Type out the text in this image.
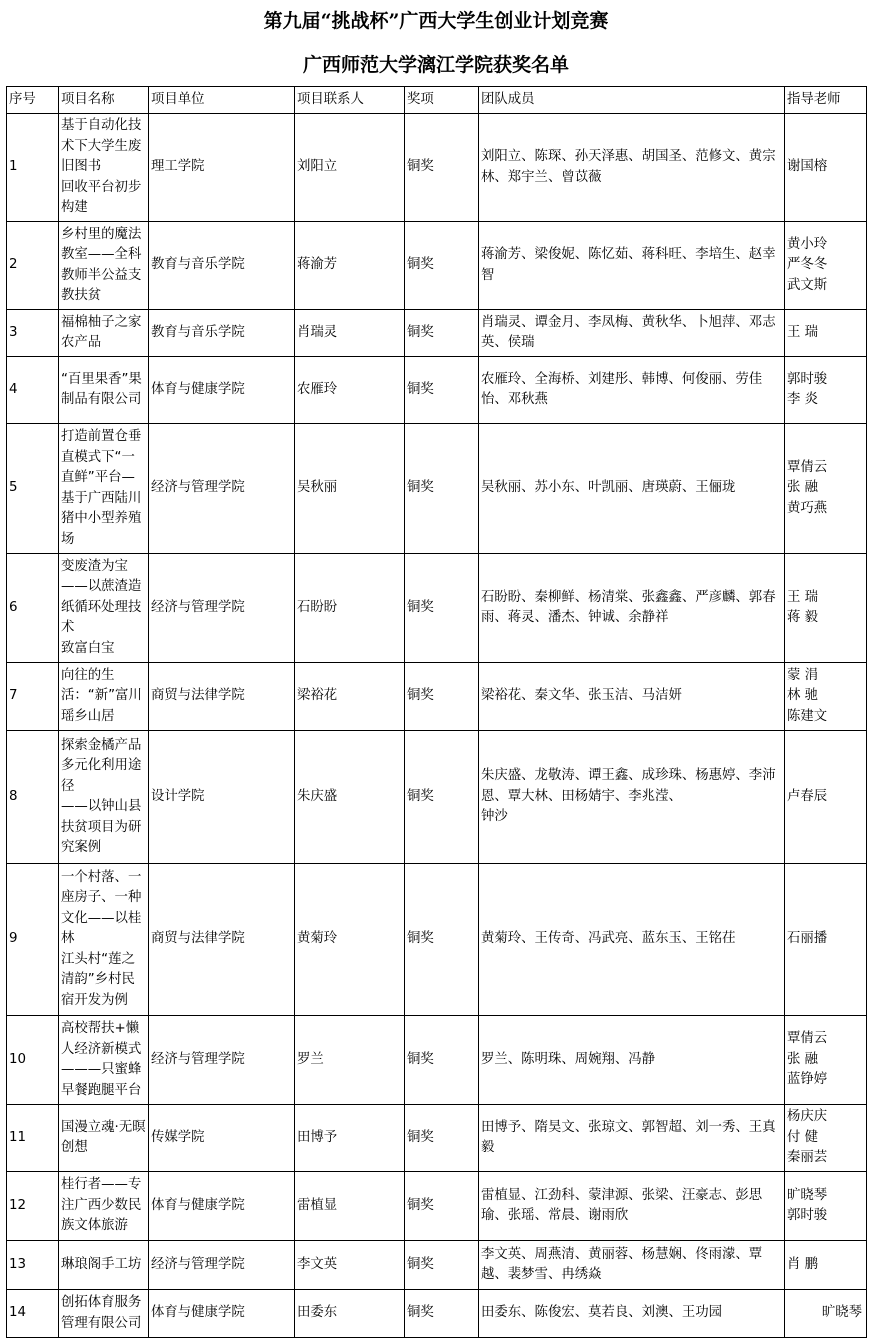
第九届“挑战杯”广西大学生创业计划竞赛
广西师范大学漓江学院获奖名单
序号	项目名称	项目单位	项目联系人	奖项	团队成员	指导老师
1	基于自动化技术下大学生废旧图书
回收平台初步构建	理工学院	刘阳立	铜奖	刘阳立、陈琛、孙天泽惠、胡国圣、范修文、黄宗林、郑宇兰、曾苡薇	谢国榕
2	乡村里的魔法教室——全科教师半公益支教扶贫	教育与音乐学院	蒋渝芳	铜奖	蒋渝芳、梁俊妮、陈忆茹、蒋科旺、李培生、赵幸智	黄小玲
严冬冬
武文斯
3	福棉柚子之家农产品	教育与音乐学院	肖瑞灵	铜奖	肖瑞灵、谭金月、李凤梅、黄秋华、卜旭萍、邓志英、侯瑞	王 瑞
4	“百里果香”果制品有限公司	体育与健康学院	农雁玲	铜奖	农雁玲、全海桥、刘建彤、韩博、何俊丽、劳佳怡、邓秋燕	郭时骏
李 炎
5	打造前置仓垂直模式下“一直鲜”平台—基于广西陆川猪中小型养殖场	经济与管理学院	吴秋丽	铜奖	吴秋丽、苏小东、叶凯丽、唐瑛蔚、王俪珑	覃倩云
张 融
黄巧燕
6	变废渣为宝——以蔗渣造纸循环处理技术
致富白宝	经济与管理学院	石盼盼	铜奖	石盼盼、秦柳鲜、杨清棠、张鑫鑫、严彦麟、郭春雨、蒋灵、潘杰、钟诚、余静祥	王 瑞
蒋 毅
7	向往的生活：“新”富川瑶乡山居	商贸与法律学院	梁裕花	铜奖	梁裕花、秦文华、张玉洁、马洁妍	蒙 涓
林 驰
陈建文
8	探索金橘产品多元化利用途径
——以钟山县扶贫项目为研究案例	设计学院	朱庆盛	铜奖	朱庆盛、龙敬涛、谭王鑫、成珍珠、杨惠婷、李沛恩、覃大林、田杨婧宇、李兆滢、
钟沙	卢春辰
9	一个村落、一座房子、一种文化——以桂林
江头村“莲之清韵”乡村民宿开发为例	商贸与法律学院	黄菊玲	铜奖	黄菊玲、王传奇、冯武亮、蓝东玉、王铭茌	石丽播
10	高校帮扶+懒人经济新模式———只蜜蜂早餐跑腿平台	经济与管理学院	罗兰	铜奖	罗兰、陈明珠、周婉翔、冯静	覃倩云
张 融
蓝铮婷
11	国漫立魂·无暝创想	传媒学院	田博予	铜奖	田博予、隋昊文、张琼文、郭智超、刘一秀、王真毅	杨庆庆
付 健
秦丽芸
12	桂行者——专注广西少数民族文体旅游	体育与健康学院	雷植显	铜奖	雷植显、江劲科、蒙津源、张梁、汪豪志、彭思瑜、张瑶、常晨、谢雨欣	旷晓琴
郭时骏
13	琳琅阁手工坊	经济与管理学院	李文英	铜奖	李文英、周燕清、黄丽蓉、杨慧娴、佟雨濛、覃越、裴梦雪、冉绣焱	肖 鹏
14	创拓体育服务管理有限公司	体育与健康学院	田委东	铜奖	田委东、陈俊宏、莫若良、刘澳、王功园	旷晓琴
